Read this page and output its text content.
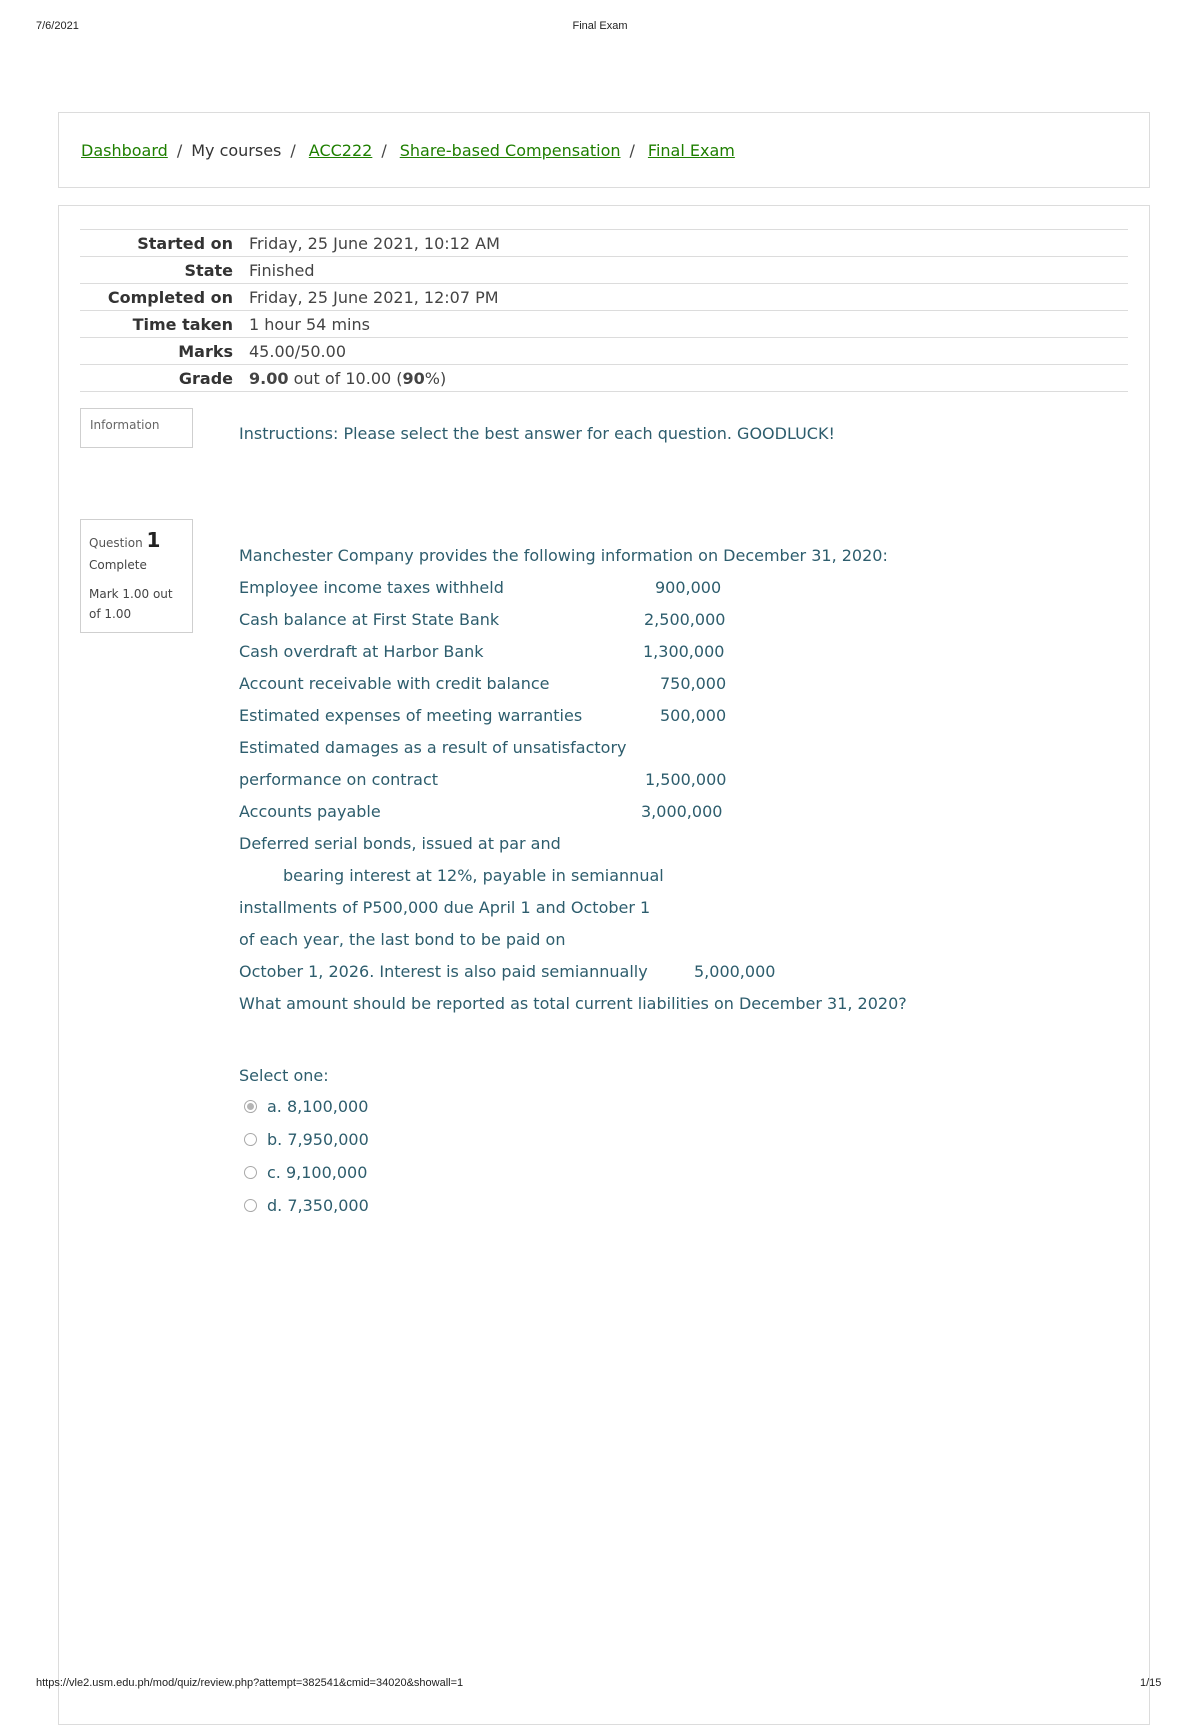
7/6/2021	Final Exam
Dashboard / My courses / ACC222 / Share-based Compensation / Final Exam
Started on	Friday, 25 June 2021, 10:12 AM
State	Finished
Completed on	Friday, 25 June 2021, 12:07 PM
Time taken	1 hour 54 mins
Marks	45.00/50.00
Grade	9.00 out of 10.00 (90%)
Information	Instructions: Please select the best answer for each question. GOODLUCK!
Question 1
Complete
Mark 1.00 out of 1.00
Manchester Company provides the following information on December 31, 2020:
Employee income taxes withheld	900,000
Cash balance at First State Bank	2,500,000
Cash overdraft at Harbor Bank	1,300,000
Account receivable with credit balance	750,000
Estimated expenses of meeting warranties	500,000
Estimated damages as a result of unsatisfactory
performance on contract	1,500,000
Accounts payable	3,000,000
Deferred serial bonds, issued at par and
bearing interest at 12%, payable in semiannual
installments of P500,000 due April 1 and October 1
of each year, the last bond to be paid on
October 1, 2026. Interest is also paid semiannually	5,000,000
What amount should be reported as total current liabilities on December 31, 2020?
Select one:
a. 8,100,000
b. 7,950,000
c. 9,100,000
d. 7,350,000
https://vle2.usm.edu.ph/mod/quiz/review.php?attempt=382541&cmid=34020&showall=1	1/15
